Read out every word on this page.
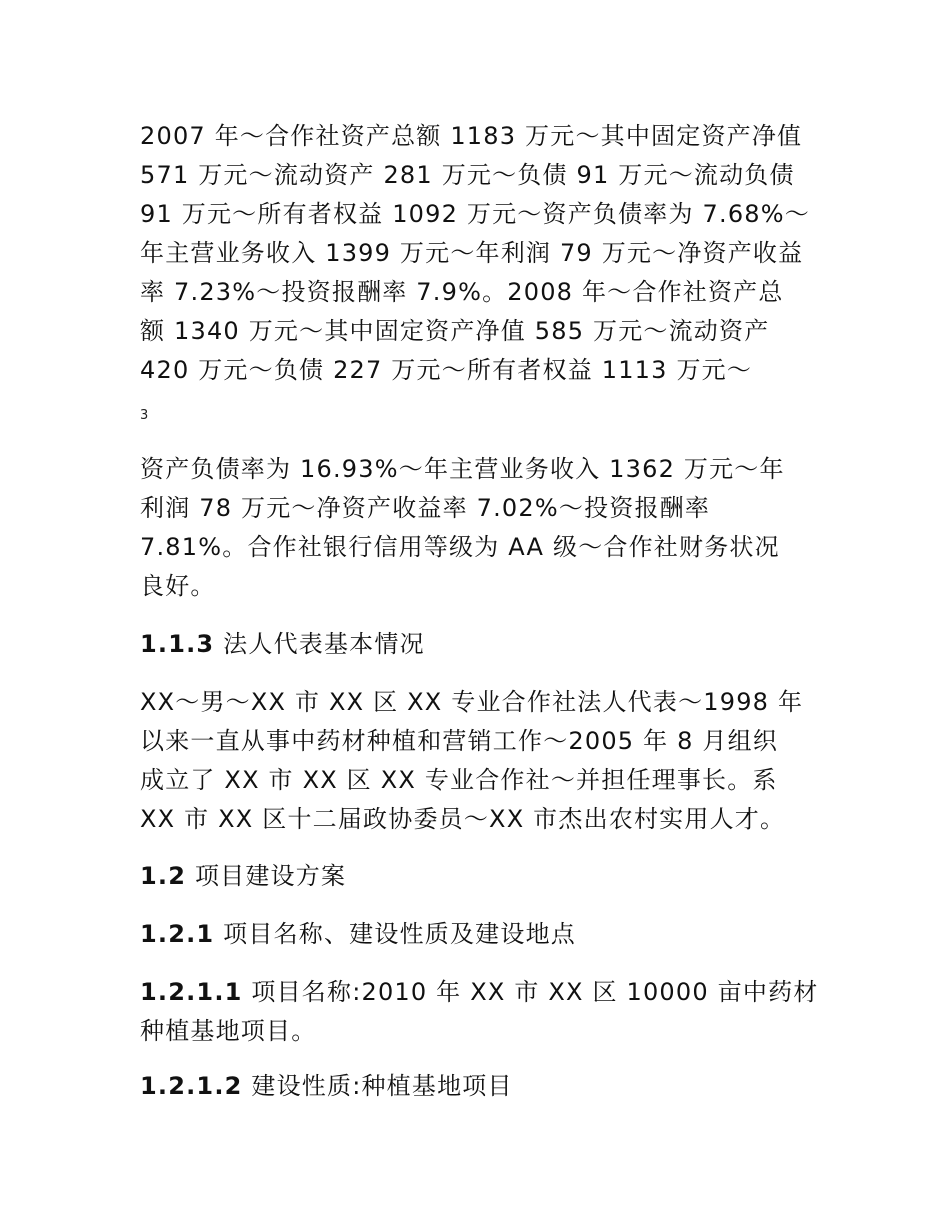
2007 年～合作社资产总额 1183 万元～其中固定资产净值
571 万元～流动资产 281 万元～负债 91 万元～流动负债
91 万元～所有者权益 1092 万元～资产负债率为 7.68%～
年主营业务收入 1399 万元～年利润 79 万元～净资产收益
率 7.23%～投资报酬率 7.9%。2008 年～合作社资产总
额 1340 万元～其中固定资产净值 585 万元～流动资产
420 万元～负债 227 万元～所有者权益 1113 万元～
3
资产负债率为 16.93%～年主营业务收入 1362 万元～年
利润 78 万元～净资产收益率 7.02%～投资报酬率
7.81%。合作社银行信用等级为 AA 级～合作社财务状况
良好。
1.1.3 法人代表基本情况
XX～男～XX 市 XX 区 XX 专业合作社法人代表～1998 年
以来一直从事中药材种植和营销工作～2005 年 8 月组织
成立了 XX 市 XX 区 XX 专业合作社～并担任理事长。系
XX 市 XX 区十二届政协委员～XX 市杰出农村实用人才。
1.2 项目建设方案
1.2.1 项目名称、建设性质及建设地点
1.2.1.1 项目名称:2010 年 XX 市 XX 区 10000 亩中药材
种植基地项目。
1.2.1.2 建设性质:种植基地项目
